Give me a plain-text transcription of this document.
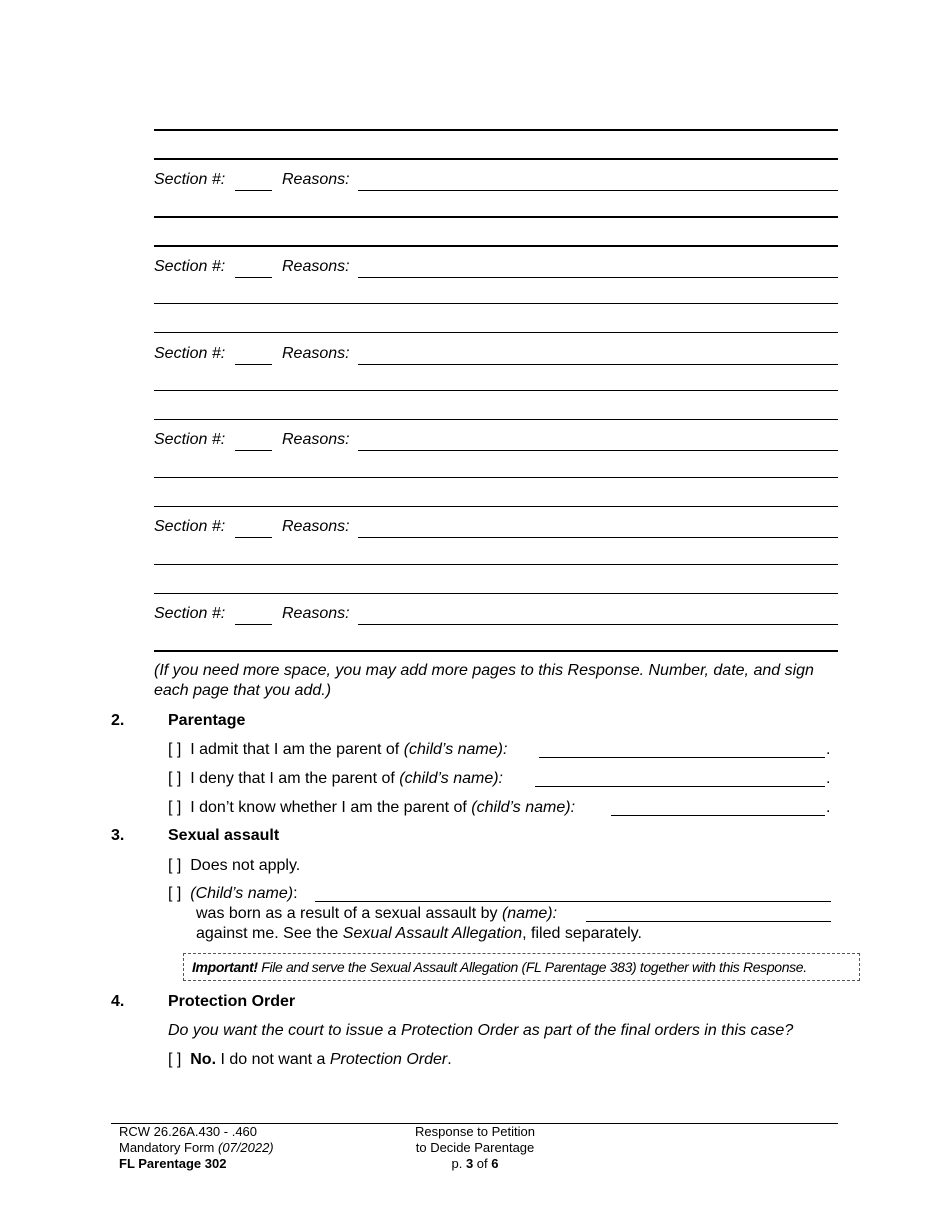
Section #:	Reasons:
Section #:	Reasons:
Section #:	Reasons:
Section #:	Reasons:
Section #:	Reasons:
Section #:	Reasons:
(If you need more space, you may add more pages to this Response. Number, date, and sign each page that you add.)
2.	Parentage
[ ] I admit that I am the parent of (child’s name):	.
[ ] I deny that I am the parent of (child’s name):	.
[ ] I don’t know whether I am the parent of (child’s name):	.
3.	Sexual assault
[ ] Does not apply.
[ ] (Child’s name):
was born as a result of a sexual assault by (name):
against me. See the Sexual Assault Allegation, filed separately.
Important! File and serve the Sexual Assault Allegation (FL Parentage 383) together with this Response.
4.	Protection Order
Do you want the court to issue a Protection Order as part of the final orders in this case?
[ ] No. I do not want a Protection Order.
RCW 26.26A.430 - .460
Mandatory Form (07/2022)
FL Parentage 302
Response to Petition
to Decide Parentage
p. 3 of 6
